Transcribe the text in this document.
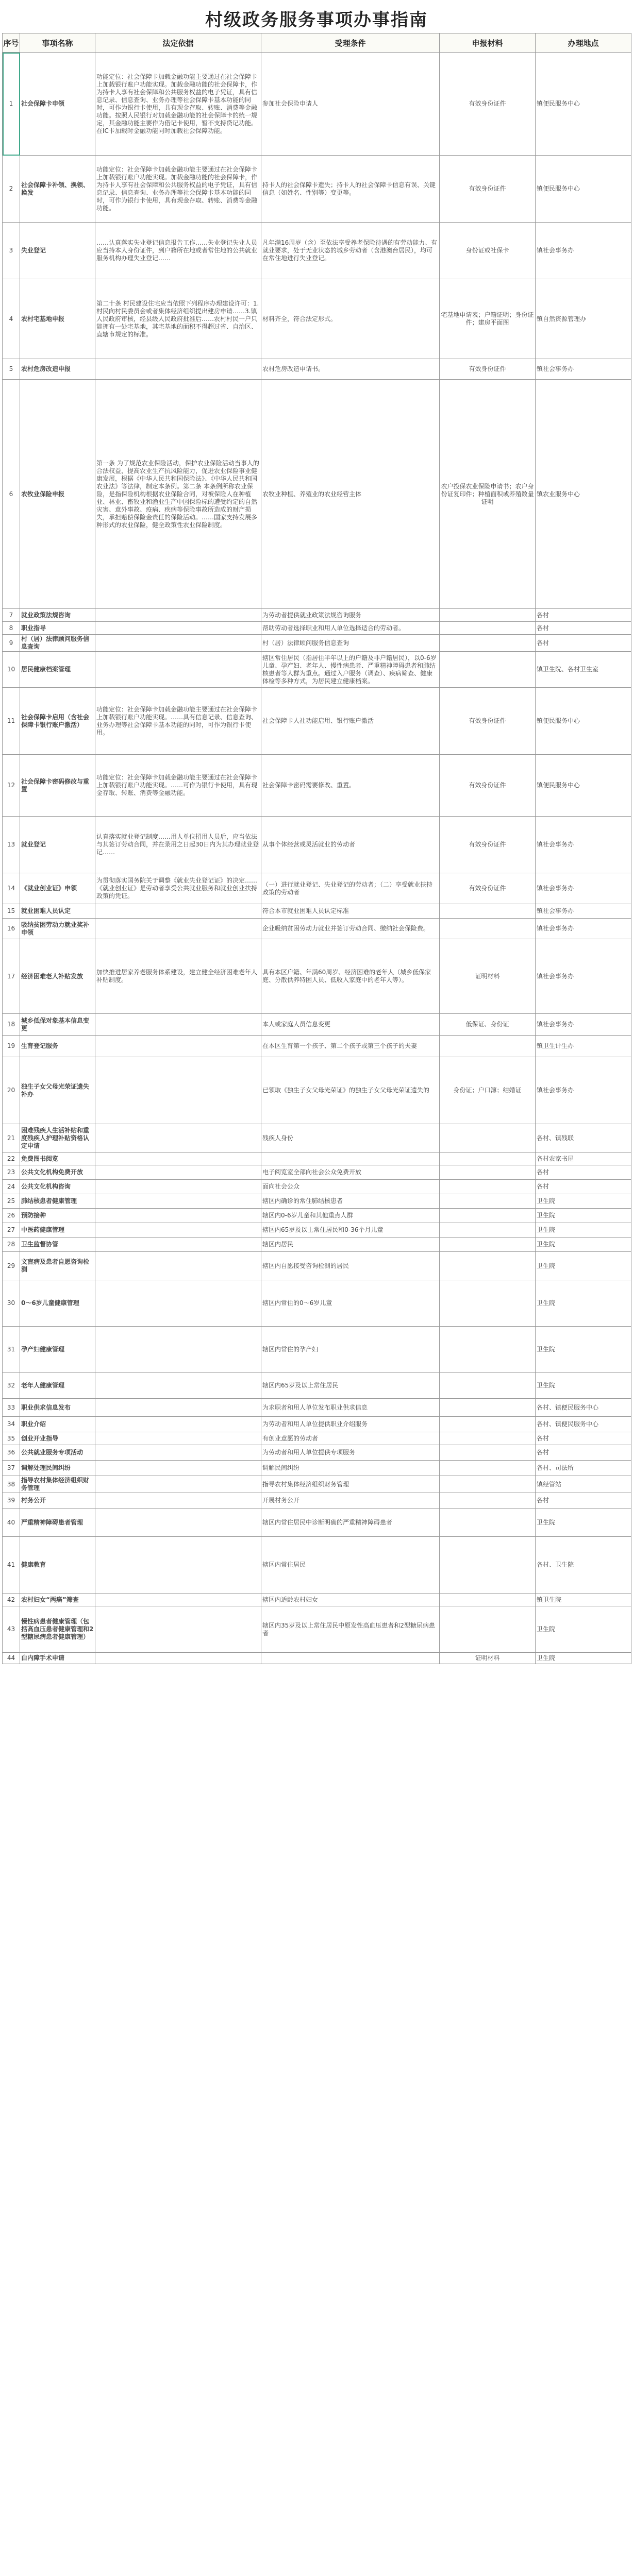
村级政务服务事项办事指南
序号	事项名称	法定依据	受理条件	申报材料	办理地点
1	社会保障卡申领	功能定位：社会保障卡加载金融功能主要通过在社会保障卡上加载银行账户功能实现。加载金融功能的社会保障卡，作为持卡人享有社会保障和公共服务权益的电子凭证，具有信息记录、信息查询、业务办理等社会保障卡基本功能的同时，可作为银行卡使用，具有现金存取、转账、消费等金融功能。按照人民银行对加载金融功能的社会保障卡的统一规定，其金融功能主要作为借记卡使用，暂不支持贷记功能。在IC卡加载时金融功能同时加载社会保障功能。	参加社会保险申请人	有效身份证件	镇便民服务中心
2	社会保障卡补领、换领、换发	功能定位：社会保障卡加载金融功能主要通过在社会保障卡上加载银行账户功能实现。加载金融功能的社会保障卡，作为持卡人享有社会保障和公共服务权益的电子凭证，具有信息记录、信息查询、业务办理等社会保障卡基本功能的同时，可作为银行卡使用，具有现金存取、转账、消费等金融功能。	持卡人的社会保障卡遗失；持卡人的社会保障卡信息有误、关键信息（如姓名、性别等）变更等。	有效身份证件	镇便民服务中心
3	失业登记	……认真落实失业登记信息报告工作……失业登记失业人员应当持本人身份证件，到户籍所在地或者常住地的公共就业服务机构办理失业登记……	凡年满16周岁（含）至依法享受养老保险待遇的有劳动能力、有就业要求，处于无业状态的城乡劳动者（含港澳台居民），均可在常住地进行失业登记。	身份证或社保卡	镇社会事务办
4	农村宅基地申报	第二十条 村民建设住宅应当依照下列程序办理建设许可：1.村民向村民委员会或者集体经济组织提出建房申请……3.镇人民政府审核，经县级人民政府批准后……农村村民一户只能拥有一处宅基地，其宅基地的面积不得超过省、自治区、直辖市规定的标准。	材料齐全，符合法定形式。	宅基地申请表；户籍证明；身份证件；建房平面图	镇自然资源管理办
5	农村危房改造申报		农村危房改造申请书。	有效身份证件	镇社会事务办
6	农牧业保险申报	第一条 为了规范农业保险活动，保护农业保险活动当事人的合法权益，提高农业生产抗风险能力，促进农业保险事业健康发展，根据《中华人民共和国保险法》、《中华人民共和国农业法》等法律，制定本条例。第二条 本条例所称农业保险，是指保险机构根据农业保险合同，对被保险人在种植业、林业、畜牧业和渔业生产中因保险标的遭受约定的自然灾害、意外事故、疫病、疾病等保险事故所造成的财产损失，承担赔偿保险金责任的保险活动。……国家支持发展多种形式的农业保险，健全政策性农业保险制度。	农牧业种植、养殖业的农业经营主体	农户投保农业保险申请书；农户身份证复印件；种植面积或养殖数量证明	镇农业服务中心
7	就业政策法规咨询		为劳动者提供就业政策法规咨询服务		各村
8	职业指导		帮助劳动者选择职业和用人单位选择适合的劳动者。		各村
9	村（居）法律顾问服务信息查询		村（居）法律顾问服务信息查询		各村
10	居民健康档案管理		辖区常住居民（指居住半年以上的户籍及非户籍居民），以0-6岁儿童、孕产妇、老年人、慢性病患者、严重精神障碍患者和肺结核患者等人群为重点。通过入户服务（调查）、疾病筛查、健康体检等多种方式，为居民建立健康档案。		镇卫生院、各村卫生室
11	社会保障卡启用（含社会保障卡银行账户激活）	功能定位：社会保障卡加载金融功能主要通过在社会保障卡上加载银行账户功能实现。……具有信息记录、信息查询、业务办理等社会保障卡基本功能的同时，可作为银行卡使用。	社会保障卡人社功能启用、银行账户激活	有效身份证件	镇便民服务中心
12	社会保障卡密码修改与重置	功能定位：社会保障卡加载金融功能主要通过在社会保障卡上加载银行账户功能实现。……可作为银行卡使用，具有现金存取、转账、消费等金融功能。	社会保障卡密码需要修改、重置。	有效身份证件	镇便民服务中心
13	就业登记	认真落实就业登记制度……用人单位招用人员后，应当依法与其签订劳动合同，并在录用之日起30日内为其办理就业登记……	从事个体经营或灵活就业的劳动者	有效身份证件	镇社会事务办
14	《就业创业证》申领	为贯彻落实国务院关于调整《就业失业登记证》的决定……《就业创业证》是劳动者享受公共就业服务和就业创业扶持政策的凭证。	（一）进行就业登记、失业登记的劳动者；（二）享受就业扶持政策的劳动者	有效身份证件	镇社会事务办
15	就业困难人员认定		符合本市就业困难人员认定标准		镇社会事务办
16	吸纳贫困劳动力就业奖补申领		企业吸纳贫困劳动力就业并签订劳动合同、缴纳社会保险费。		镇社会事务办
17	经济困难老人补贴发放	加快推进居家养老服务体系建设，建立健全经济困难老年人补贴制度。	具有本区户籍、年满60周岁、经济困难的老年人（城乡低保家庭、分散供养特困人员、低收入家庭中的老年人等）。	证明材料	镇社会事务办
18	城乡低保对象基本信息变更		本人或家庭人员信息变更	低保证、身份证	镇社会事务办
19	生育登记服务		在本区生育第一个孩子、第二个孩子或第三个孩子的夫妻		镇卫生计生办
20	独生子女父母光荣证遗失补办		已领取《独生子女父母光荣证》的独生子女父母光荣证遗失的	身份证；户口簿；结婚证	镇社会事务办
21	困难残疾人生活补贴和重度残疾人护理补贴资格认定申请		残疾人身份		各村、镇残联
22	免费图书阅览				各村农家书屋
23	公共文化机构免费开放		电子阅览室全部向社会公众免费开放		各村
24	公共文化机构咨询		面向社会公众		各村
25	肺结核患者健康管理		辖区内确诊的常住肺结核患者		卫生院
26	预防接种		辖区内0-6岁儿童和其他重点人群		卫生院
27	中医药健康管理		辖区内65岁及以上常住居民和0-36个月儿童		卫生院
28	卫生监督协管		辖区内居民		卫生院
29	文盲病及患者自愿咨询检测		辖区内自愿接受咨询检测的居民		卫生院
30	0～6岁儿童健康管理		辖区内常住的0～6岁儿童		卫生院
31	孕产妇健康管理		辖区内常住的孕产妇		卫生院
32	老年人健康管理		辖区内65岁及以上常住居民		卫生院
33	职业供求信息发布		为求职者和用人单位发布职业供求信息		各村、镇便民服务中心
34	职业介绍		为劳动者和用人单位提供职业介绍服务		各村、镇便民服务中心
35	创业开业指导		有创业意愿的劳动者		各村
36	公共就业服务专项活动		为劳动者和用人单位提供专项服务		各村
37	调解处理民间纠纷		调解民间纠纷		各村、司法所
38	指导农村集体经济组织财务管理		指导农村集体经济组织财务管理		镇经管站
39	村务公开		开展村务公开		各村
40	严重精神障碍患者管理		辖区内常住居民中诊断明确的严重精神障碍患者		卫生院
41	健康教育		辖区内常住居民		各村、卫生院
42	农村妇女“两癌”筛查		辖区内适龄农村妇女		镇卫生院
43	慢性病患者健康管理（包括高血压患者健康管理和2型糖尿病患者健康管理）		辖区内35岁及以上常住居民中原发性高血压患者和2型糖尿病患者		卫生院
44	白内障手术申请			证明材料	卫生院
